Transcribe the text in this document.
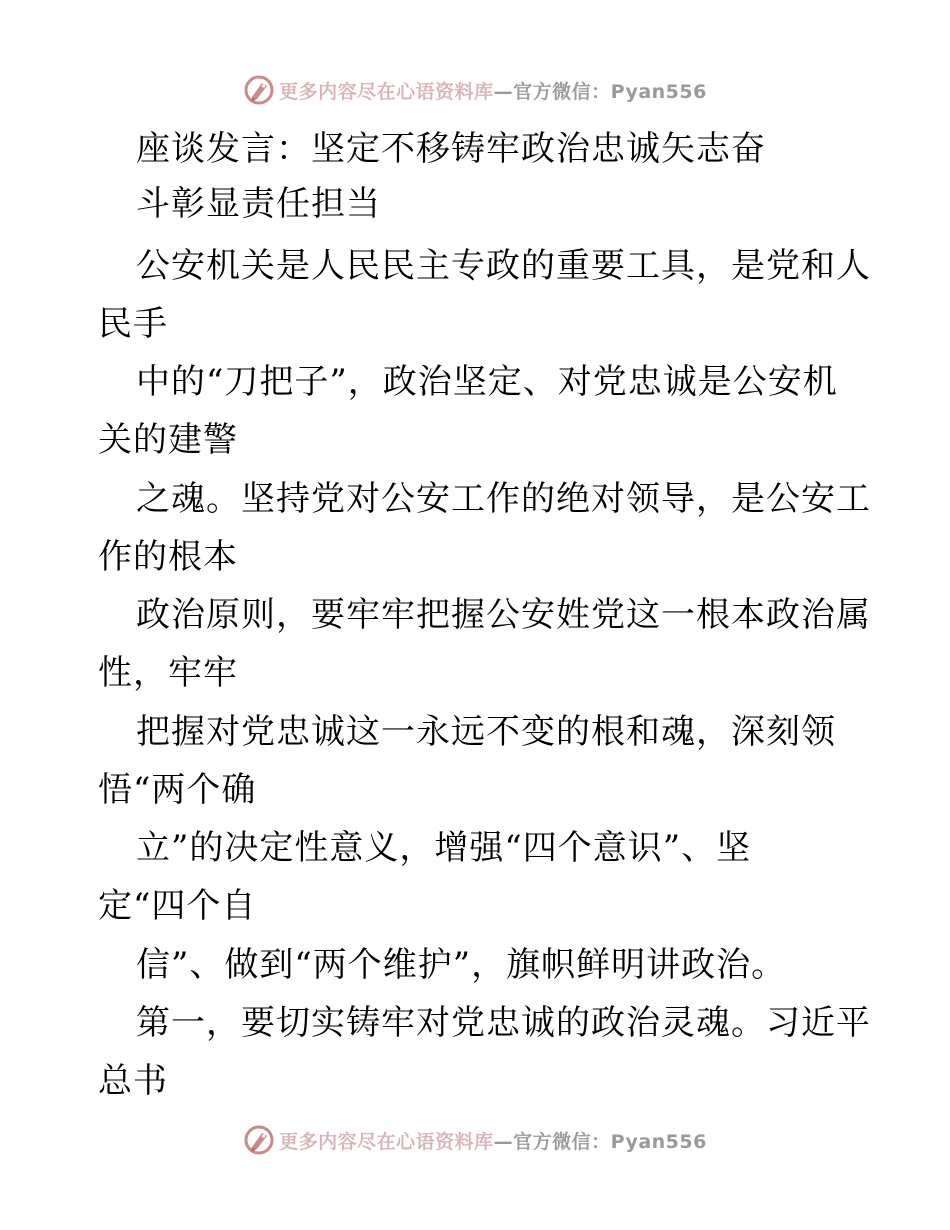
更多内容尽在心语资料库—官方微信：Pyan556
座谈发言：坚定不移铸牢政治忠诚矢志奋
斗彰显责任担当
公安机关是人民民主专政的重要工具，是党和人
民手
中的“刀把子”，政治坚定、对党忠诚是公安机
关的建警
之魂。坚持党对公安工作的绝对领导，是公安工
作的根本
政治原则，要牢牢把握公安姓党这一根本政治属
性，牢牢
把握对党忠诚这一永远不变的根和魂，深刻领
悟“两个确
立”的决定性意义，增强“四个意识”、坚
定“四个自
信”、做到“两个维护”，旗帜鲜明讲政治。
第一，要切实铸牢对党忠诚的政治灵魂。习近平
总书
更多内容尽在心语资料库—官方微信：Pyan556
